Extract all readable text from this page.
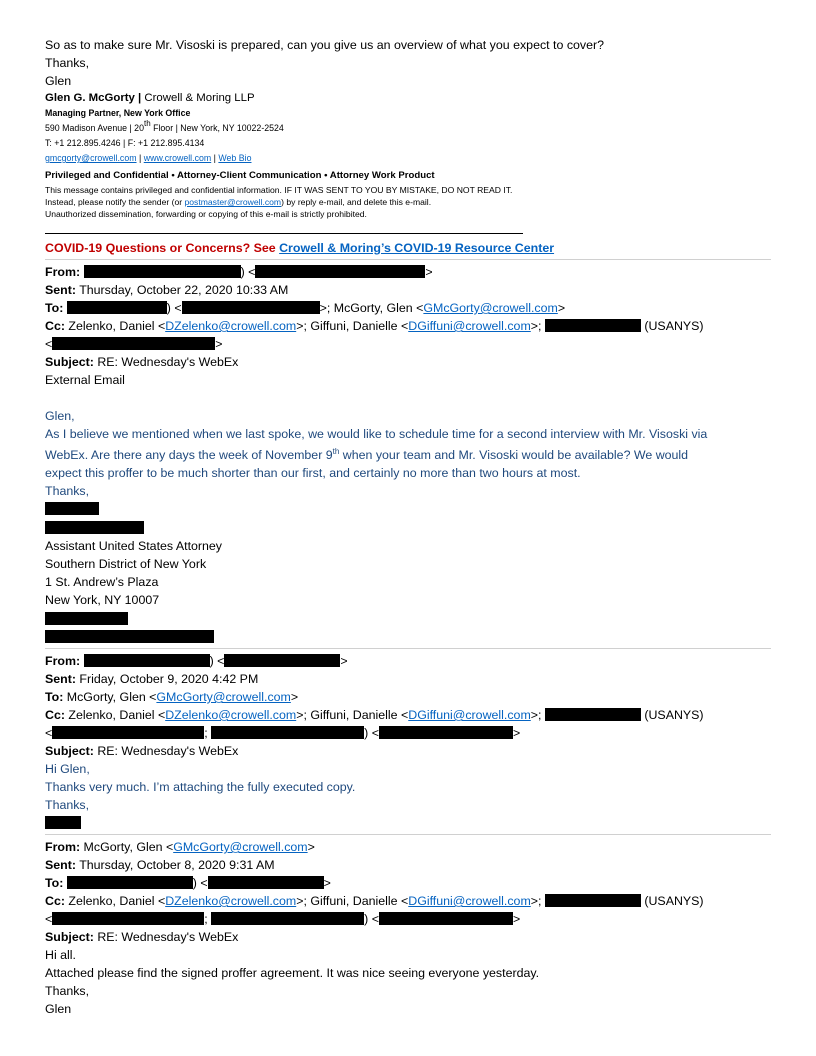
So as to make sure Mr. Visoski is prepared, can you give us an overview of what you expect to cover?
Thanks,
Glen
Glen G. McGorty | Crowell & Moring LLP
Managing Partner, New York Office
590 Madison Avenue | 20th Floor | New York, NY 10022-2524
T: +1 212.895.4246 | F: +1 212.895.4134
gmcgorty@crowell.com | www.crowell.com | Web Bio
Privileged and Confidential • Attorney-Client Communication • Attorney Work Product
This message contains privileged and confidential information. IF IT WAS SENT TO YOU BY MISTAKE, DO NOT READ IT.
Instead, please notify the sender (or postmaster@crowell.com) by reply e-mail, and delete this e-mail.
Unauthorized dissemination, forwarding or copying of this e-mail is strictly prohibited.
COVID-19 Questions or Concerns? See Crowell & Moring’s COVID-19 Resource Center
From:	) <	>
Sent: Thursday, October 22, 2020 10:33 AM
To:	) <	>; McGorty, Glen <GMcGorty@crowell.com>
Cc: Zelenko, Daniel <DZelenko@crowell.com>; Giffuni, Danielle <DGiffuni@crowell.com>;	(USANYS)
<	>
Subject: RE: Wednesday's WebEx
External Email
Glen,
As I believe we mentioned when we last spoke, we would like to schedule time for a second interview with Mr. Visoski via
WebEx. Are there any days the week of November 9th when your team and Mr. Visoski would be available? We would
expect this proffer to be much shorter than our first, and certainly no more than two hours at most.
Thanks,
Assistant United States Attorney
Southern District of New York
1 St. Andrew’s Plaza
New York, NY 10007
From:	) <	>
Sent: Friday, October 9, 2020 4:42 PM
To: McGorty, Glen <GMcGorty@crowell.com>
Cc: Zelenko, Daniel <DZelenko@crowell.com>; Giffuni, Danielle <DGiffuni@crowell.com>;	(USANYS)
<	;	) <	>
Subject: RE: Wednesday's WebEx
Hi Glen,
Thanks very much. I’m attaching the fully executed copy.
Thanks,
From: McGorty, Glen <GMcGorty@crowell.com>
Sent: Thursday, October 8, 2020 9:31 AM
To:	) <	>
Cc: Zelenko, Daniel <DZelenko@crowell.com>; Giffuni, Danielle <DGiffuni@crowell.com>;	(USANYS)
<	;	) <	>
Subject: RE: Wednesday's WebEx
Hi all.
Attached please find the signed proffer agreement. It was nice seeing everyone yesterday.
Thanks,
Glen
